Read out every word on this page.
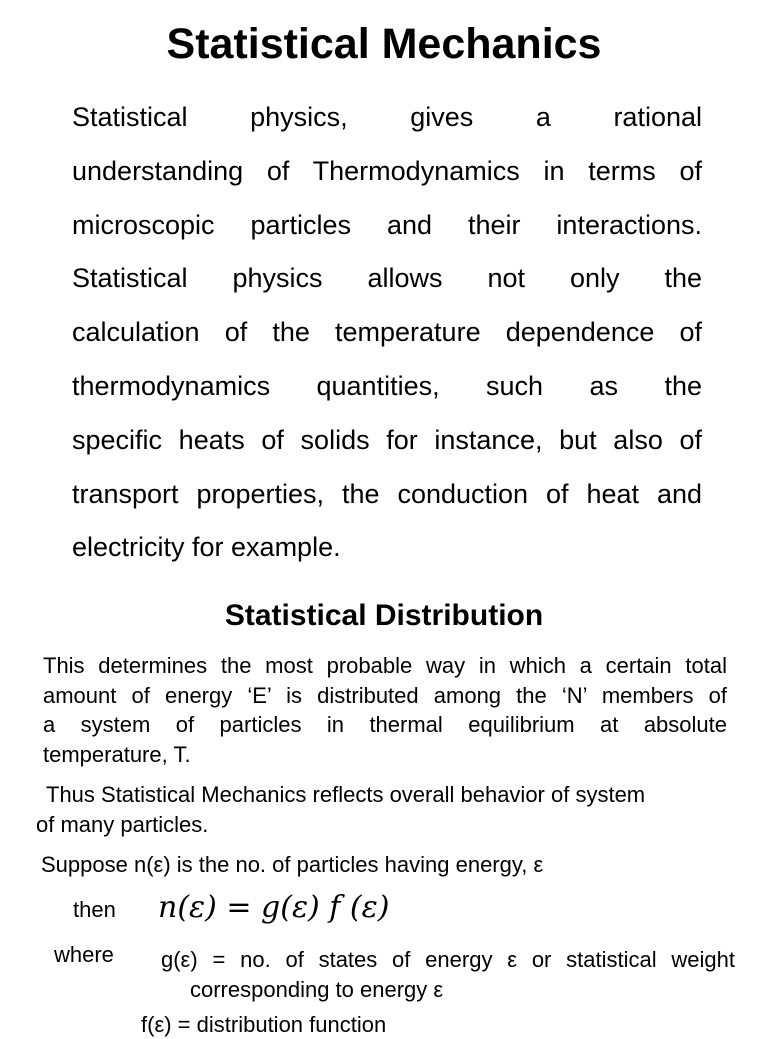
Statistical Mechanics
Statistical physics, gives a rational
understanding of Thermodynamics in terms of
microscopic particles and their interactions.
Statistical physics allows not only the
calculation of the temperature dependence of
thermodynamics quantities, such as the
specific heats of solids for instance, but also of
transport properties, the conduction of heat and
electricity for example.
Statistical Distribution
This determines the most probable way in which a certain total
amount of energy ‘E’ is distributed among the ‘N’ members of
a system of particles in thermal equilibrium at absolute
temperature, T.
Thus Statistical Mechanics reflects overall behavior of system
of many particles.
Suppose n(ε) is the no. of particles having energy, ε
then n(ε) = g(ε) f (ε)
where g(ε) = no. of states of energy ε or statistical weight
corresponding to energy ε
f(ε) = distribution function
